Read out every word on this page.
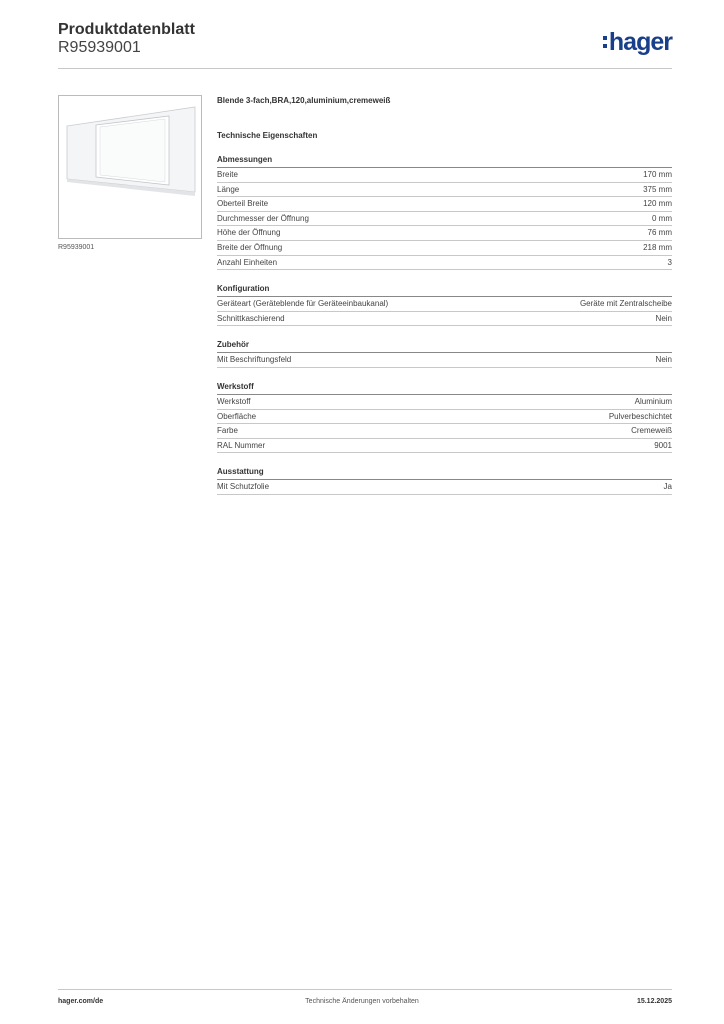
Produktdatenblatt
R95939001	hager
R95939001
Blende 3-fach,BRA,120,aluminium,cremeweiß
Technische Eigenschaften
Abmessungen
Breite	170 mm
Länge	375 mm
Oberteil Breite	120 mm
Durchmesser der Öffnung	0 mm
Höhe der Öffnung	76 mm
Breite der Öffnung	218 mm
Anzahl Einheiten	3
Konfiguration
Geräteart (Geräteblende für Geräteeinbaukanal)	Geräte mit Zentralscheibe
Schnittkaschierend	Nein
Zubehör
Mit Beschriftungsfeld	Nein
Werkstoff
Werkstoff	Aluminium
Oberfläche	Pulverbeschichtet
Farbe	Cremeweiß
RAL Nummer	9001
Ausstattung
Mit Schutzfolie	Ja
hager.com/de	Technische Änderungen vorbehalten	15.12.2025
